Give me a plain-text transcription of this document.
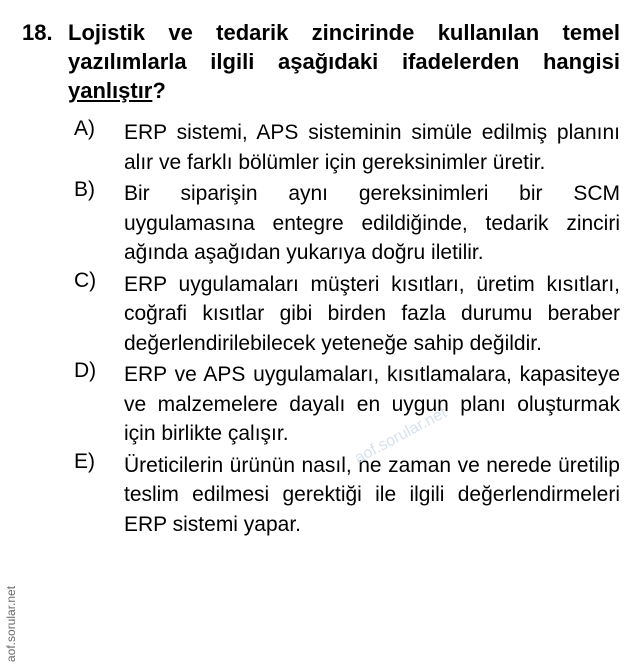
18. Lojistik ve tedarik zincirinde kullanılan temel yazılımlarla ilgili aşağıdaki ifadelerden hangisi yanlıştır?
A)	ERP sistemi, APS sisteminin simüle edilmiş planını alır ve farklı bölümler için gereksinimler üretir.
B)	Bir siparişin aynı gereksinimleri bir SCM uygulamasına entegre edildiğinde, tedarik zinciri ağında aşağıdan yukarıya doğru iletilir.
C)	ERP uygulamaları müşteri kısıtları, üretim kısıtları, coğrafi kısıtlar gibi birden fazla durumu beraber değerlendirilebilecek yeteneğe sahip değildir.
D)	ERP ve APS uygulamaları, kısıtlamalara, kapasiteye ve malzemelere dayalı en uygun planı oluşturmak için birlikte çalışır.
E)	Üreticilerin ürünün nasıl, ne zaman ve nerede üretilip teslim edilmesi gerektiği ile ilgili değerlendirmeleri ERP sistemi yapar.
aof.sorular.net
aof.sorular.net
